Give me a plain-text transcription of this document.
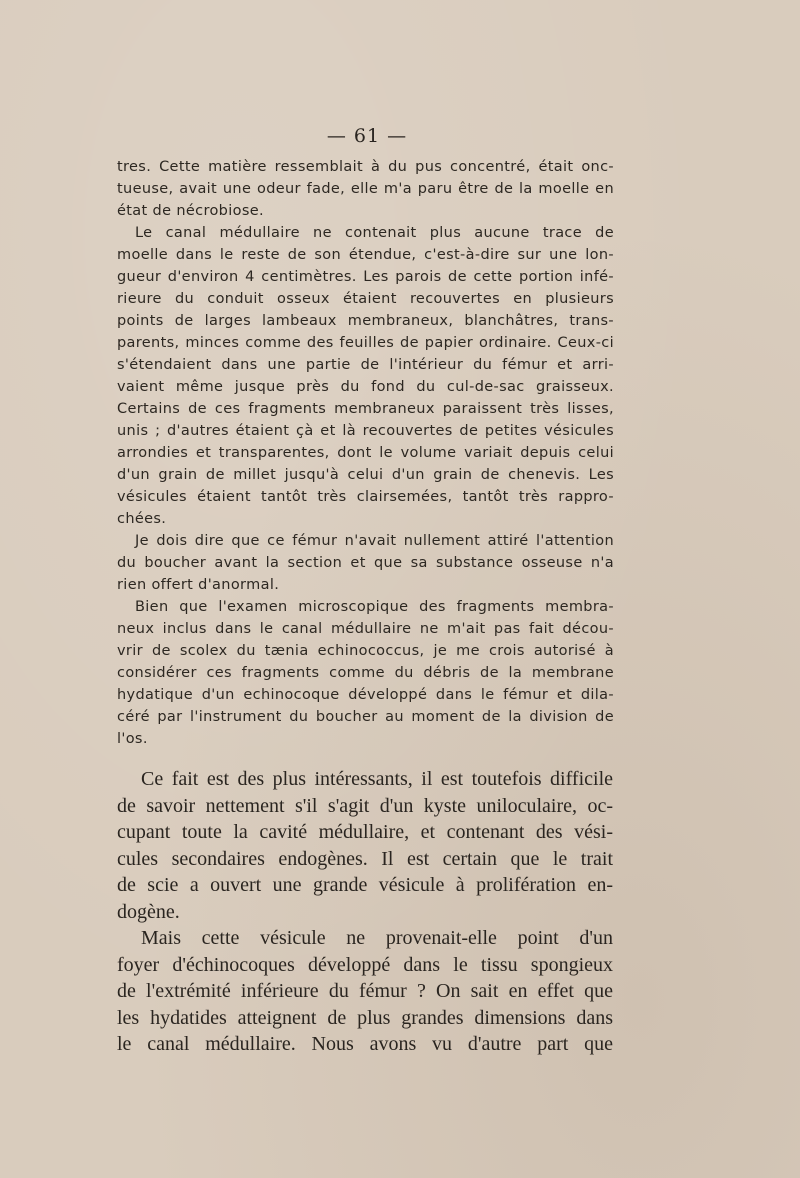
— 61 —

tres. Cette matière ressemblait à du pus concentré, était onc-
tueuse, avait une odeur fade, elle m'a paru être de la moelle en
état de nécrobiose.

Le canal médullaire ne contenait plus aucune trace de
moelle dans le reste de son étendue, c'est-à-dire sur une lon-
gueur d'environ 4 centimètres. Les parois de cette portion infé-
rieure du conduit osseux étaient recouvertes en plusieurs
points de larges lambeaux membraneux, blanchâtres, trans-
parents, minces comme des feuilles de papier ordinaire. Ceux-ci
s'étendaient dans une partie de l'intérieur du fémur et arri-
vaient même jusque près du fond du cul-de-sac graisseux.
Certains de ces fragments membraneux paraissent très lisses,
unis ; d'autres étaient çà et là recouvertes de petites vésicules
arrondies et transparentes, dont le volume variait depuis celui
d'un grain de millet jusqu'à celui d'un grain de chenevis. Les
vésicules étaient tantôt très clairsemées, tantôt très rappro-
chées.

Je dois dire que ce fémur n'avait nullement attiré l'attention
du boucher avant la section et que sa substance osseuse n'a
rien offert d'anormal.

Bien que l'examen microscopique des fragments membra-
neux inclus dans le canal médullaire ne m'ait pas fait décou-
vrir de scolex du tænia echinococcus, je me crois autorisé à
considérer ces fragments comme du débris de la membrane
hydatique d'un echinocoque développé dans le fémur et dila-
céré par l'instrument du boucher au moment de la division de
l'os.

Ce fait est des plus intéressants, il est toutefois difficile
de savoir nettement s'il s'agit d'un kyste uniloculaire, oc-
cupant toute la cavité médullaire, et contenant des vési-
cules secondaires endogènes. Il est certain que le trait
de scie a ouvert une grande vésicule à prolifération en-
dogène.

Mais cette vésicule ne provenait-elle point d'un
foyer d'échinocoques développé dans le tissu spongieux
de l'extrémité inférieure du fémur ? On sait en effet que
les hydatides atteignent de plus grandes dimensions dans
le canal médullaire. Nous avons vu d'autre part que
